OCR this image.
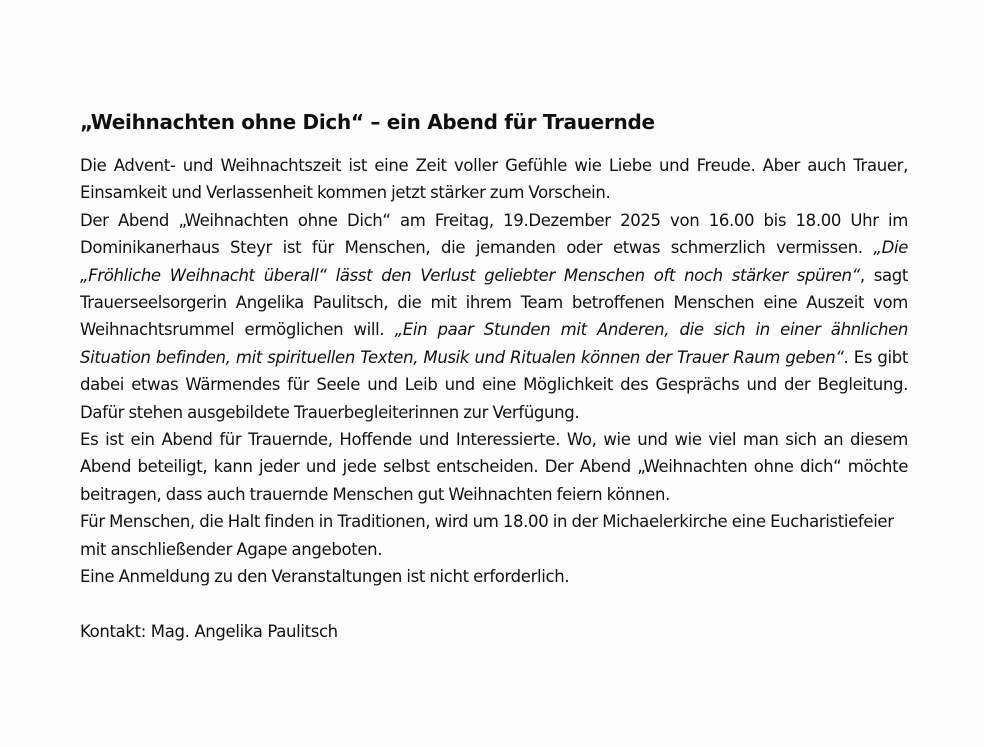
„Weihnachten ohne Dich“ – ein Abend für Trauernde

Die Advent- und Weihnachtszeit ist eine Zeit voller Gefühle wie Liebe und Freude. Aber auch Trauer, Einsamkeit und Verlassenheit kommen jetzt stärker zum Vorschein.

Der Abend „Weihnachten ohne Dich“ am Freitag, 19.Dezember 2025 von 16.00 bis 18.00 Uhr im Dominikanerhaus Steyr ist für Menschen, die jemanden oder etwas schmerzlich vermissen. „Die „Fröhliche Weihnacht überall“ lässt den Verlust geliebter Menschen oft noch stärker spüren“, sagt Trauerseelsorgerin Angelika Paulitsch, die mit ihrem Team betroffenen Menschen eine Auszeit vom Weihnachtsrummel ermöglichen will. „Ein paar Stunden mit Anderen, die sich in einer ähnlichen Situation befinden, mit spirituellen Texten, Musik und Ritualen können der Trauer Raum geben“. Es gibt dabei etwas Wärmendes für Seele und Leib und eine Möglichkeit des Gesprächs und der Begleitung. Dafür stehen ausgebildete Trauerbegleiterinnen zur Verfügung.

Es ist ein Abend für Trauernde, Hoffende und Interessierte. Wo, wie und wie viel man sich an diesem Abend beteiligt, kann jeder und jede selbst entscheiden. Der Abend „Weihnachten ohne dich“ möchte beitragen, dass auch trauernde Menschen gut Weihnachten feiern können.

Für Menschen, die Halt finden in Traditionen, wird um 18.00 in der Michaelerkirche eine Eucharistiefeier mit anschließender Agape angeboten.

Eine Anmeldung zu den Veranstaltungen ist nicht erforderlich.

Kontakt: Mag. Angelika Paulitsch
